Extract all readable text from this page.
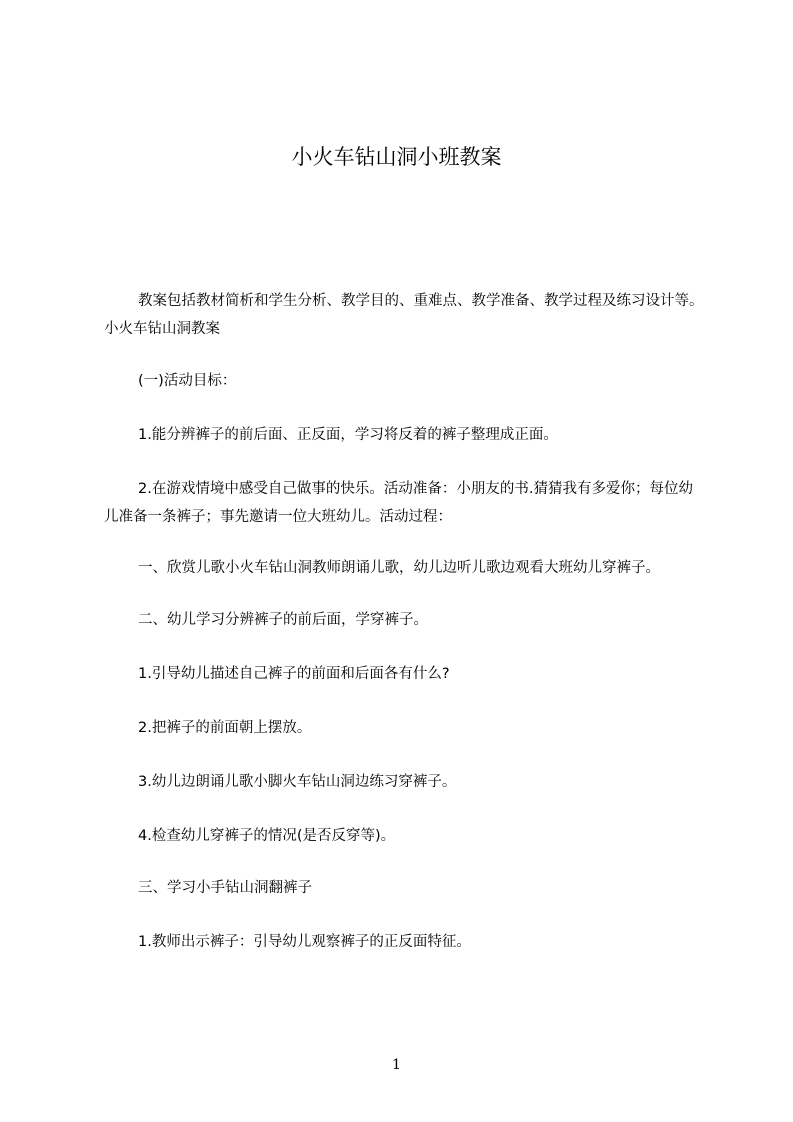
小火车钻山洞小班教案

教案包括教材简析和学生分析、教学目的、重难点、教学准备、教学过程及练习设计等。小火车钻山洞教案

(一)活动目标：

1.能分辨裤子的前后面、正反面，学习将反着的裤子整理成正面。

2.在游戏情境中感受自己做事的快乐。活动准备：小朋友的书.猜猜我有多爱你；每位幼儿准备一条裤子；事先邀请一位大班幼儿。活动过程：

一、欣赏儿歌小火车钻山洞教师朗诵儿歌，幼儿边听儿歌边观看大班幼儿穿裤子。

二、幼儿学习分辨裤子的前后面，学穿裤子。

1.引导幼儿描述自己裤子的前面和后面各有什么?

2.把裤子的前面朝上摆放。

3.幼儿边朗诵儿歌小脚火车钻山洞边练习穿裤子。

4.检查幼儿穿裤子的情况(是否反穿等)。

三、学习小手钻山洞翻裤子

1.教师出示裤子：引导幼儿观察裤子的正反面特征。

1
